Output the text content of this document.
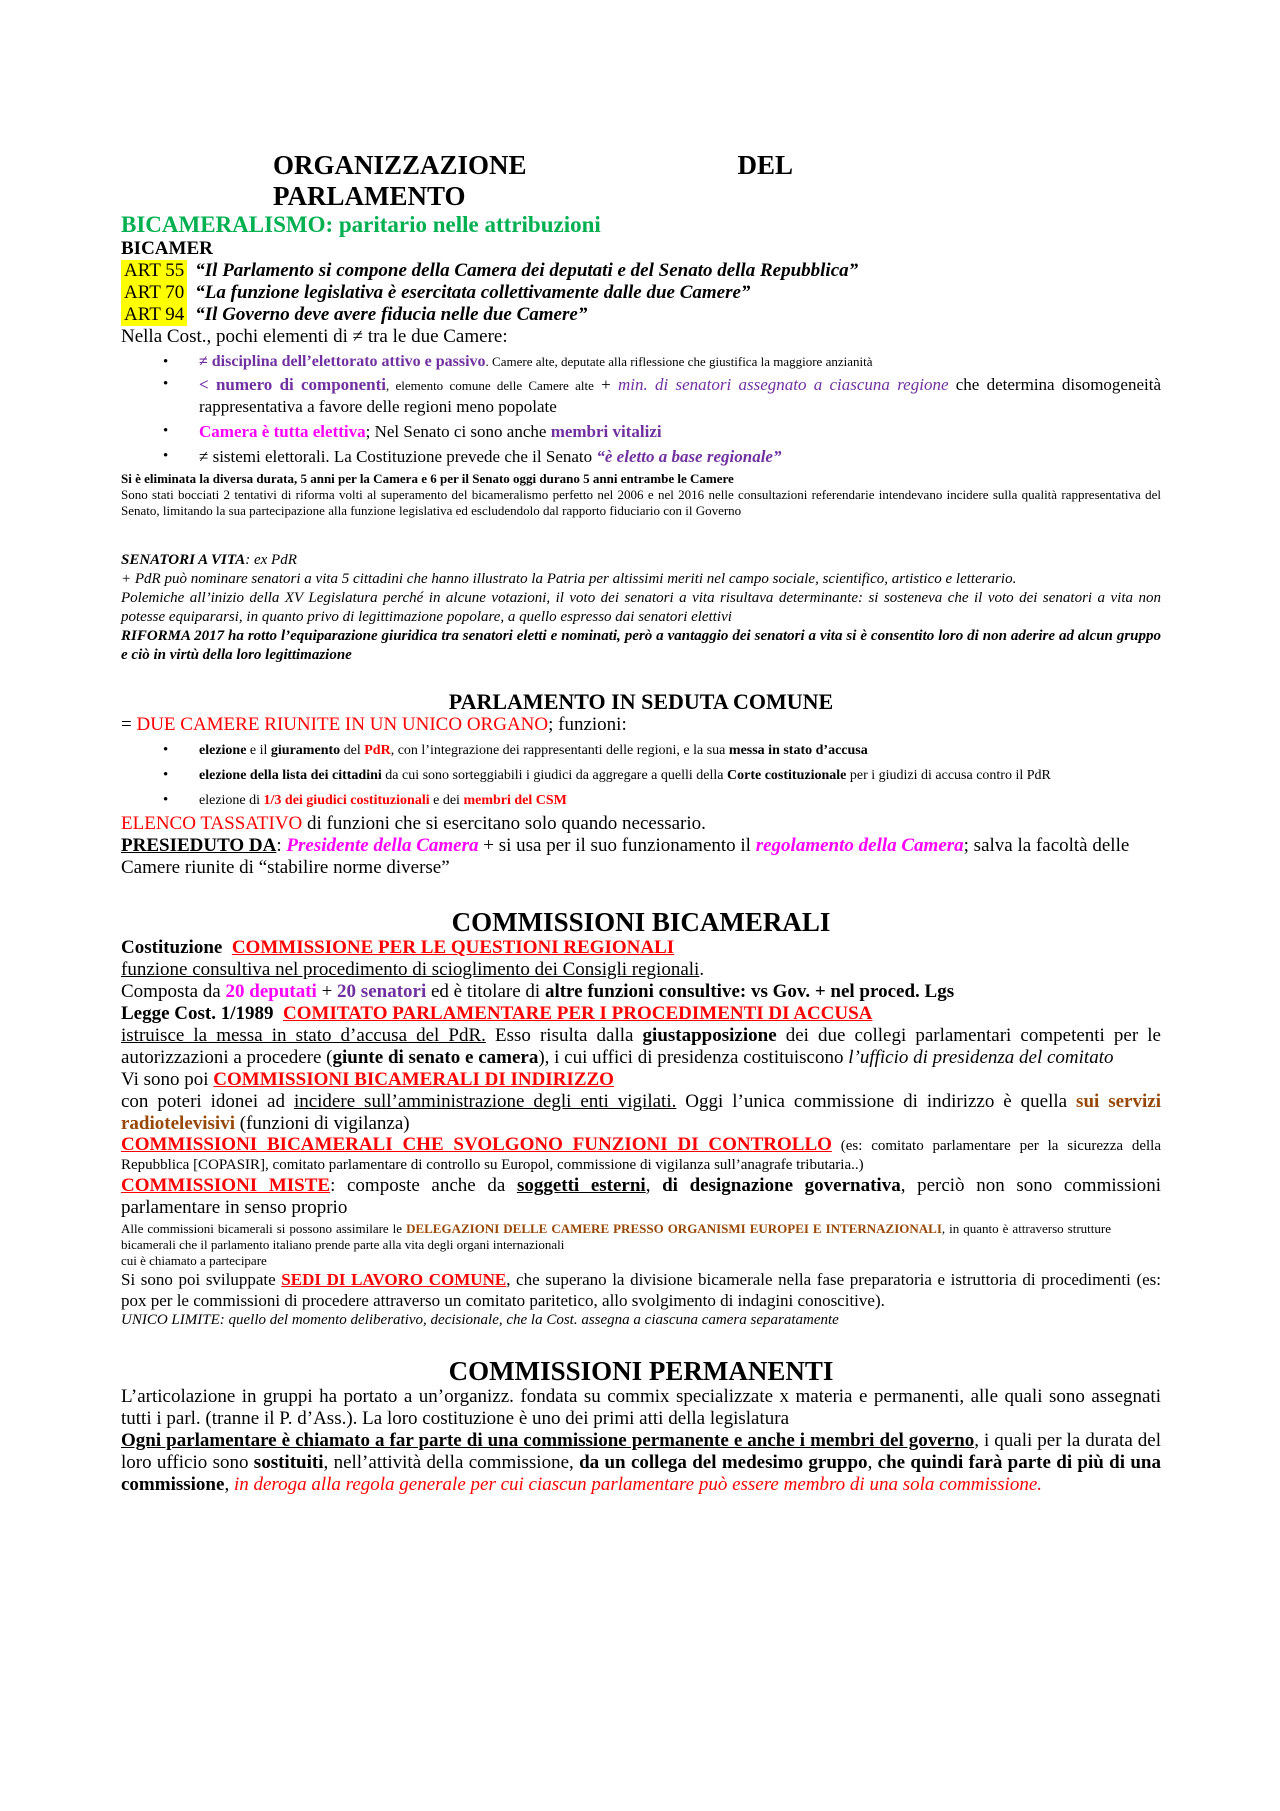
ORGANIZZAZIONE	DEL
PARLAMENTO
BICAMERALISMO: paritario nelle attribuzioni
BICAMER
ART 55 “Il Parlamento si compone della Camera dei deputati e del Senato della Repubblica”
ART 70 “La funzione legislativa è esercitata collettivamente dalle due Camere”
ART 94 “Il Governo deve avere fiducia nelle due Camere”
Nella Cost., pochi elementi di ≠ tra le due Camere:
• ≠ disciplina dell’elettorato attivo e passivo. Camere alte, deputate alla riflessione che giustifica la maggiore anzianità
• < numero di componenti, elemento comune delle Camere alte + min. di senatori assegnato a ciascuna regione che determina disomogeneità rappresentativa a favore delle regioni meno popolate
• Camera è tutta elettiva; Nel Senato ci sono anche membri vitalizi
• ≠ sistemi elettorali. La Costituzione prevede che il Senato “è eletto a base regionale”
Si è eliminata la diversa durata, 5 anni per la Camera e 6 per il Senato oggi durano 5 anni entrambe le Camere
Sono stati bocciati 2 tentativi di riforma volti al superamento del bicameralismo perfetto nel 2006 e nel 2016 nelle consultazioni referendarie intendevano incidere sulla qualità rappresentativa del Senato, limitando la sua partecipazione alla funzione legislativa ed escludendolo dal rapporto fiduciario con il Governo
SENATORI A VITA: ex PdR
+ PdR può nominare senatori a vita 5 cittadini che hanno illustrato la Patria per altissimi meriti nel campo sociale, scientifico, artistico e letterario.
Polemiche all’inizio della XV Legislatura perché in alcune votazioni, il voto dei senatori a vita risultava determinante: si sosteneva che il voto dei senatori a vita non potesse equipararsi, in quanto privo di legittimazione popolare, a quello espresso dai senatori elettivi
RIFORMA 2017 ha rotto l’equiparazione giuridica tra senatori eletti e nominati, però a vantaggio dei senatori a vita si è consentito loro di non aderire ad alcun gruppo e ciò in virtù della loro legittimazione
PARLAMENTO IN SEDUTA COMUNE
= DUE CAMERE RIUNITE IN UN UNICO ORGANO; funzioni:
• elezione e il giuramento del PdR, con l’integrazione dei rappresentanti delle regioni, e la sua messa in stato d’accusa
• elezione della lista dei cittadini da cui sono sorteggiabili i giudici da aggregare a quelli della Corte costituzionale per i giudizi di accusa contro il PdR
• elezione di 1/3 dei giudici costituzionali e dei membri del CSM
ELENCO TASSATIVO di funzioni che si esercitano solo quando necessario.
PRESIEDUTO DA: Presidente della Camera + si usa per il suo funzionamento il regolamento della Camera; salva la facoltà delle Camere riunite di “stabilire norme diverse”
COMMISSIONI BICAMERALI
Costituzione COMMISSIONE PER LE QUESTIONI REGIONALI
funzione consultiva nel procedimento di scioglimento dei Consigli regionali.
Composta da 20 deputati + 20 senatori ed è titolare di altre funzioni consultive: vs Gov. + nel proced. Lgs
Legge Cost. 1/1989 COMITATO PARLAMENTARE PER I PROCEDIMENTI DI ACCUSA
istruisce la messa in stato d’accusa del PdR. Esso risulta dalla giustapposizione dei due collegi parlamentari competenti per le autorizzazioni a procedere (giunte di senato e camera), i cui uffici di presidenza costituiscono l’ufficio di presidenza del comitato
Vi sono poi COMMISSIONI BICAMERALI DI INDIRIZZO
con poteri idonei ad incidere sull’amministrazione degli enti vigilati. Oggi l’unica commissione di indirizzo è quella sui servizi radiotelevisivi (funzioni di vigilanza)
COMMISSIONI BICAMERALI CHE SVOLGONO FUNZIONI DI CONTROLLO (es: comitato parlamentare per la sicurezza della Repubblica [COPASIR], comitato parlamentare di controllo su Europol, commissione di vigilanza sull’anagrafe tributaria..)
COMMISSIONI MISTE: composte anche da soggetti esterni, di designazione governativa, perciò non sono commissioni parlamentare in senso proprio
Alle commissioni bicamerali si possono assimilare le DELEGAZIONI DELLE CAMERE PRESSO ORGANISMI EUROPEI E INTERNAZIONALI, in quanto è attraverso strutture bicamerali che il parlamento italiano prende parte alla vita degli organi internazionali
cui è chiamato a partecipare
Si sono poi sviluppate SEDI DI LAVORO COMUNE, che superano la divisione bicamerale nella fase preparatoria e istruttoria di procedimenti (es: pox per le commissioni di procedere attraverso un comitato paritetico, allo svolgimento di indagini conoscitive).
UNICO LIMITE: quello del momento deliberativo, decisionale, che la Cost. assegna a ciascuna camera separatamente
COMMISSIONI PERMANENTI
L’articolazione in gruppi ha portato a un’organizz. fondata su commix specializzate x materia e permanenti, alle quali sono assegnati tutti i parl. (tranne il P. d’Ass.). La loro costituzione è uno dei primi atti della legislatura
Ogni parlamentare è chiamato a far parte di una commissione permanente e anche i membri del governo, i quali per la durata del loro ufficio sono sostituiti, nell’attività della commissione, da un collega del medesimo gruppo, che quindi farà parte di più di una commissione, in deroga alla regola generale per cui ciascun parlamentare può essere membro di una sola commissione.
